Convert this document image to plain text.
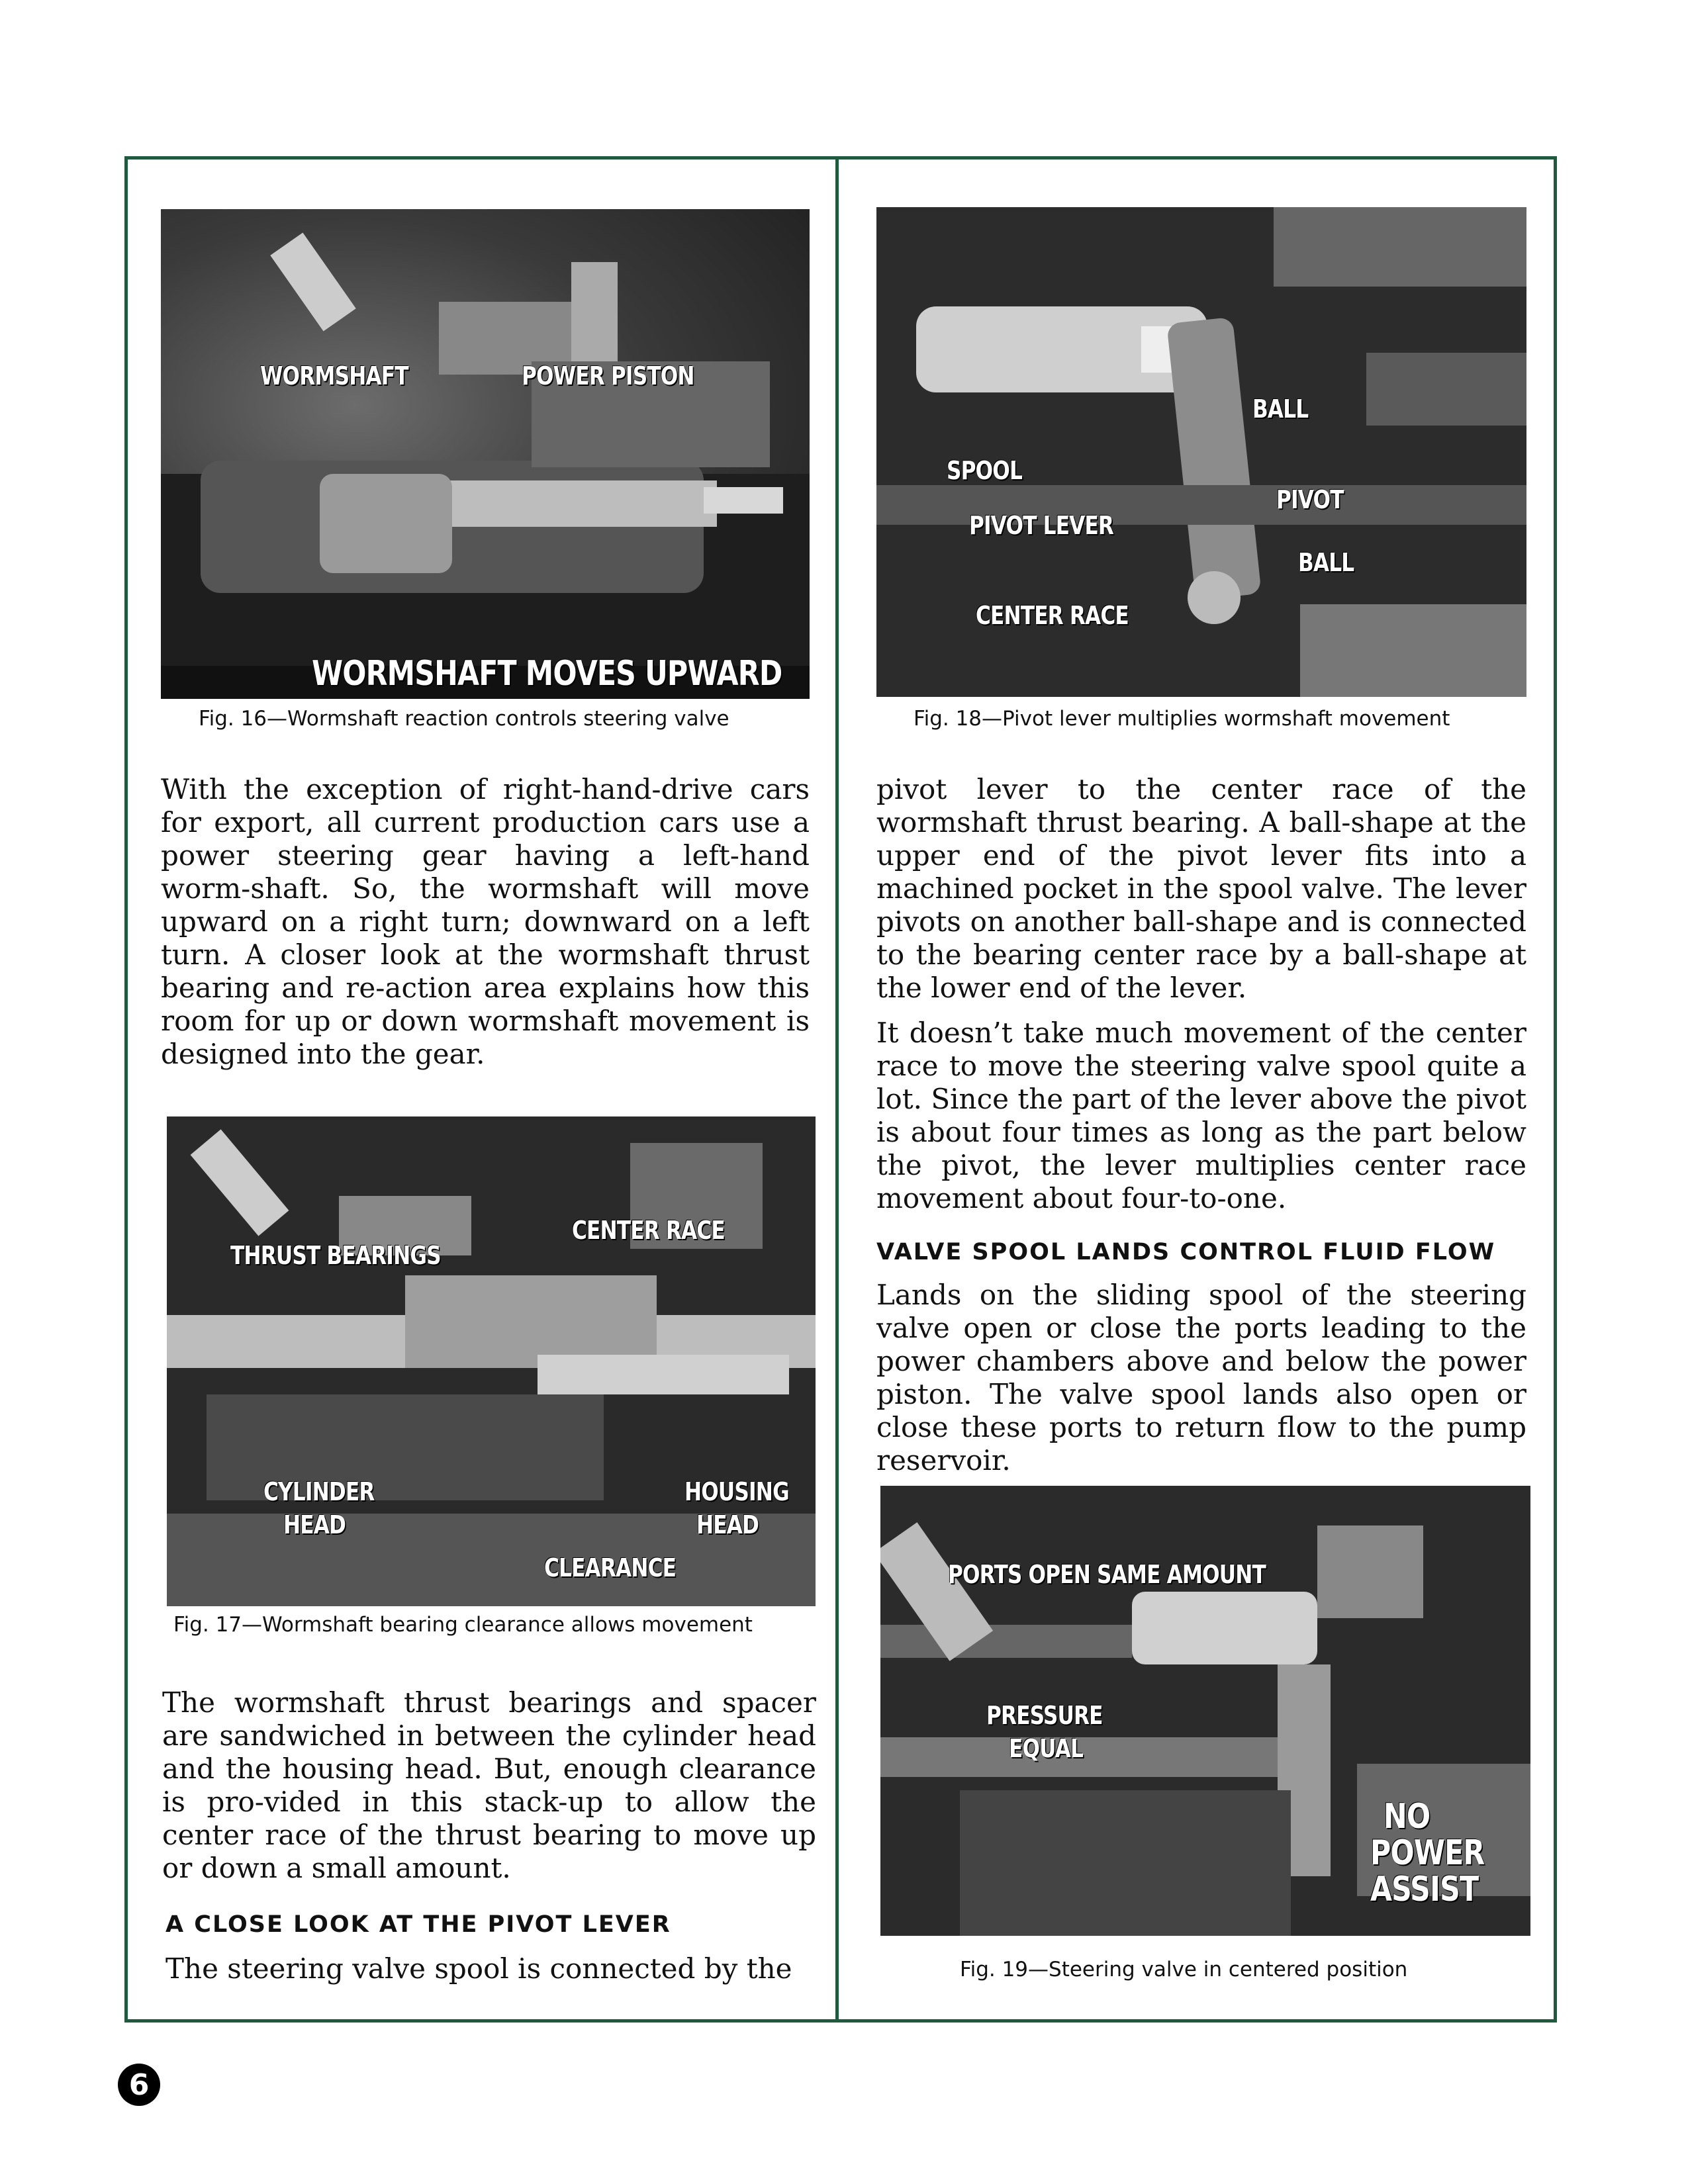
WORMSHAFT	POWER PISTON
WORMSHAFT MOVES UPWARD
Fig. 16—Wormshaft reaction controls steering valve
BALL
SPOOL
PIVOT
PIVOT LEVER
BALL
CENTER RACE
Fig. 18—Pivot lever multiplies wormshaft movement

With the exception of right-hand-drive cars for export, all current production cars use a power steering gear having a left-hand worm-shaft. So, the wormshaft will move upward on a right turn; downward on a left turn. A closer look at the wormshaft thrust bearing and re-action area explains how this room for up or down wormshaft movement is designed into the gear.

pivot lever to the center race of the wormshaft thrust bearing. A ball-shape at the upper end of the pivot lever fits into a machined pocket in the spool valve. The lever pivots on another ball-shape and is connected to the bearing center race by a ball-shape at the lower end of the lever.

It doesn’t take much movement of the center race to move the steering valve spool quite a lot. Since the part of the lever above the pivot is about four times as long as the part below the pivot, the lever multiplies center race movement about four-to-one.

VALVE SPOOL LANDS CONTROL FLUID FLOW

Lands on the sliding spool of the steering valve open or close the ports leading to the power chambers above and below the power piston. The valve spool lands also open or close these ports to return flow to the pump reservoir.

THRUST BEARINGS
CENTER RACE
CYLINDER
HEAD
HOUSING
HEAD
CLEARANCE
Fig. 17—Wormshaft bearing clearance allows movement

The wormshaft thrust bearings and spacer are sandwiched in between the cylinder head and the housing head. But, enough clearance is pro-vided in this stack-up to allow the center race of the thrust bearing to move up or down a small amount.

A CLOSE LOOK AT THE PIVOT LEVER

The steering valve spool is connected by the

PORTS OPEN SAME AMOUNT
PRESSURE
EQUAL
NO
POWER
ASSIST
Fig. 19—Steering valve in centered position
6
